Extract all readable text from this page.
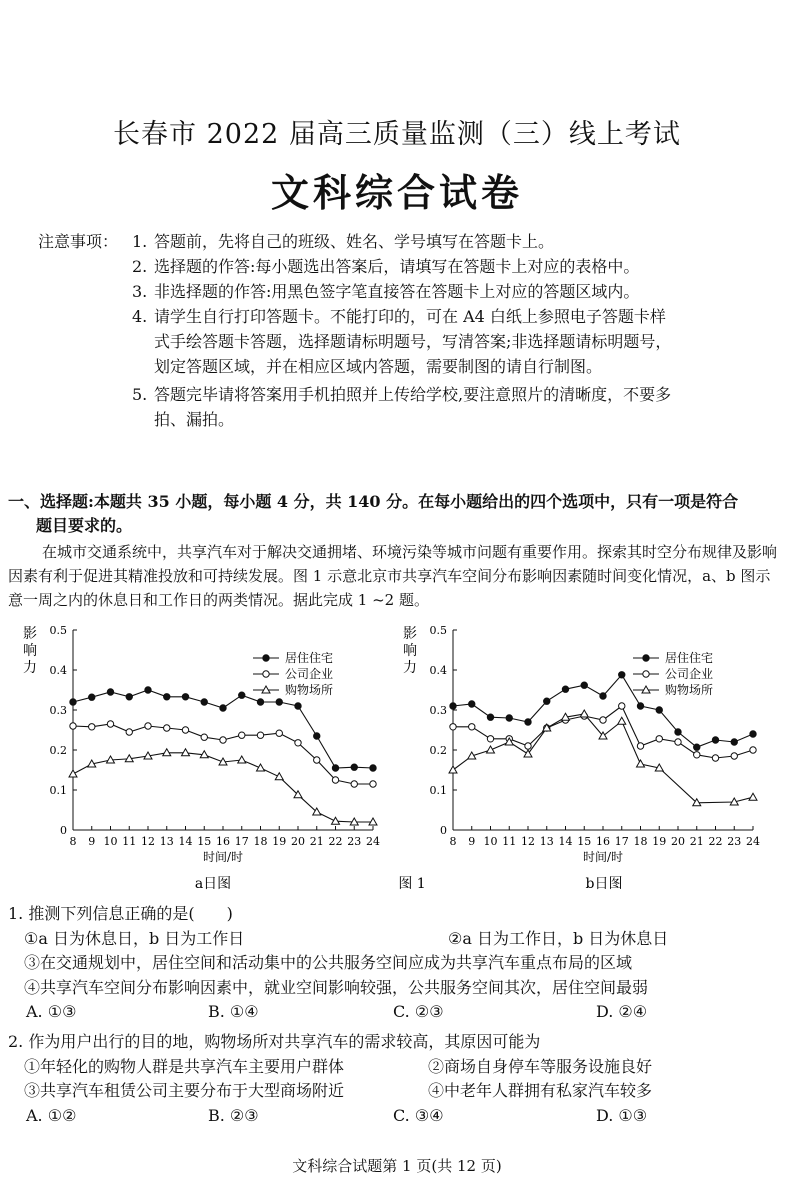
长春市 2022 届高三质量监测（三）线上考试
文科综合试卷
注意事项： 1. 答题前，先将自己的班级、姓名、学号填写在答题卡上。
2. 选择题的作答:每小题选出答案后，请填写在答题卡上对应的表格中。
3. 非选择题的作答:用黑色签字笔直接答在答题卡上对应的答题区域内。
4. 请学生自行打印答题卡。不能打印的，可在 A4 白纸上参照电子答题卡样
式手绘答题卡答题，选择题请标明题号，写清答案;非选择题请标明题号，
划定答题区域，并在相应区域内答题，需要制图的请自行制图。
5. 答题完毕请将答案用手机拍照并上传给学校,要注意照片的清晰度，不要多
拍、漏拍。
一、选择题:本题共 35 小题，每小题 4 分，共 140 分。在每小题给出的四个选项中，只有一项是符合
题目要求的。
在城市交通系统中，共享汽车对于解决交通拥堵、环境污染等城市问题有重要作用。探索其时空分布规律及影响因素有利于促进其精准投放和可持续发展。图 1 示意北京市共享汽车空间分布影响因素随时间变化情况，a、b 图示意一周之内的休息日和工作日的两类情况。据此完成 1 ~2 题。
0
0.1
0.2
0.3
0.4
0.5
8 9 10 11 12 13 14 15 16 17 18 19 20 21 22 23 24
时间/时
影
响
力
a日图
居住住宅
公司企业
购物场所
0
0.1
0.2
0.3
0.4
0.5
8 9 10 11 12 13 14 15 16 17 18 19 20 21 22 23 24
时间/时
影
响
力
b日图
居住住宅
公司企业
购物场所
图 1
1. 推测下列信息正确的是(　　)
①a 日为休息日，b 日为工作日	②a 日为工作日，b 日为休息日
③在交通规划中，居住空间和活动集中的公共服务空间应成为共享汽车重点布局的区域
④共享汽车空间分布影响因素中，就业空间影响较强，公共服务空间其次，居住空间最弱
A. ①③	B. ①④	C. ②③	D. ②④
2. 作为用户出行的目的地，购物场所对共享汽车的需求较高，其原因可能为
①年轻化的购物人群是共享汽车主要用户群体	②商场自身停车等服务设施良好
③共享汽车租赁公司主要分布于大型商场附近	④中老年人群拥有私家汽车较多
A. ①②	B. ②③	C. ③④	D. ①③
文科综合试题第 1 页(共 12 页)
